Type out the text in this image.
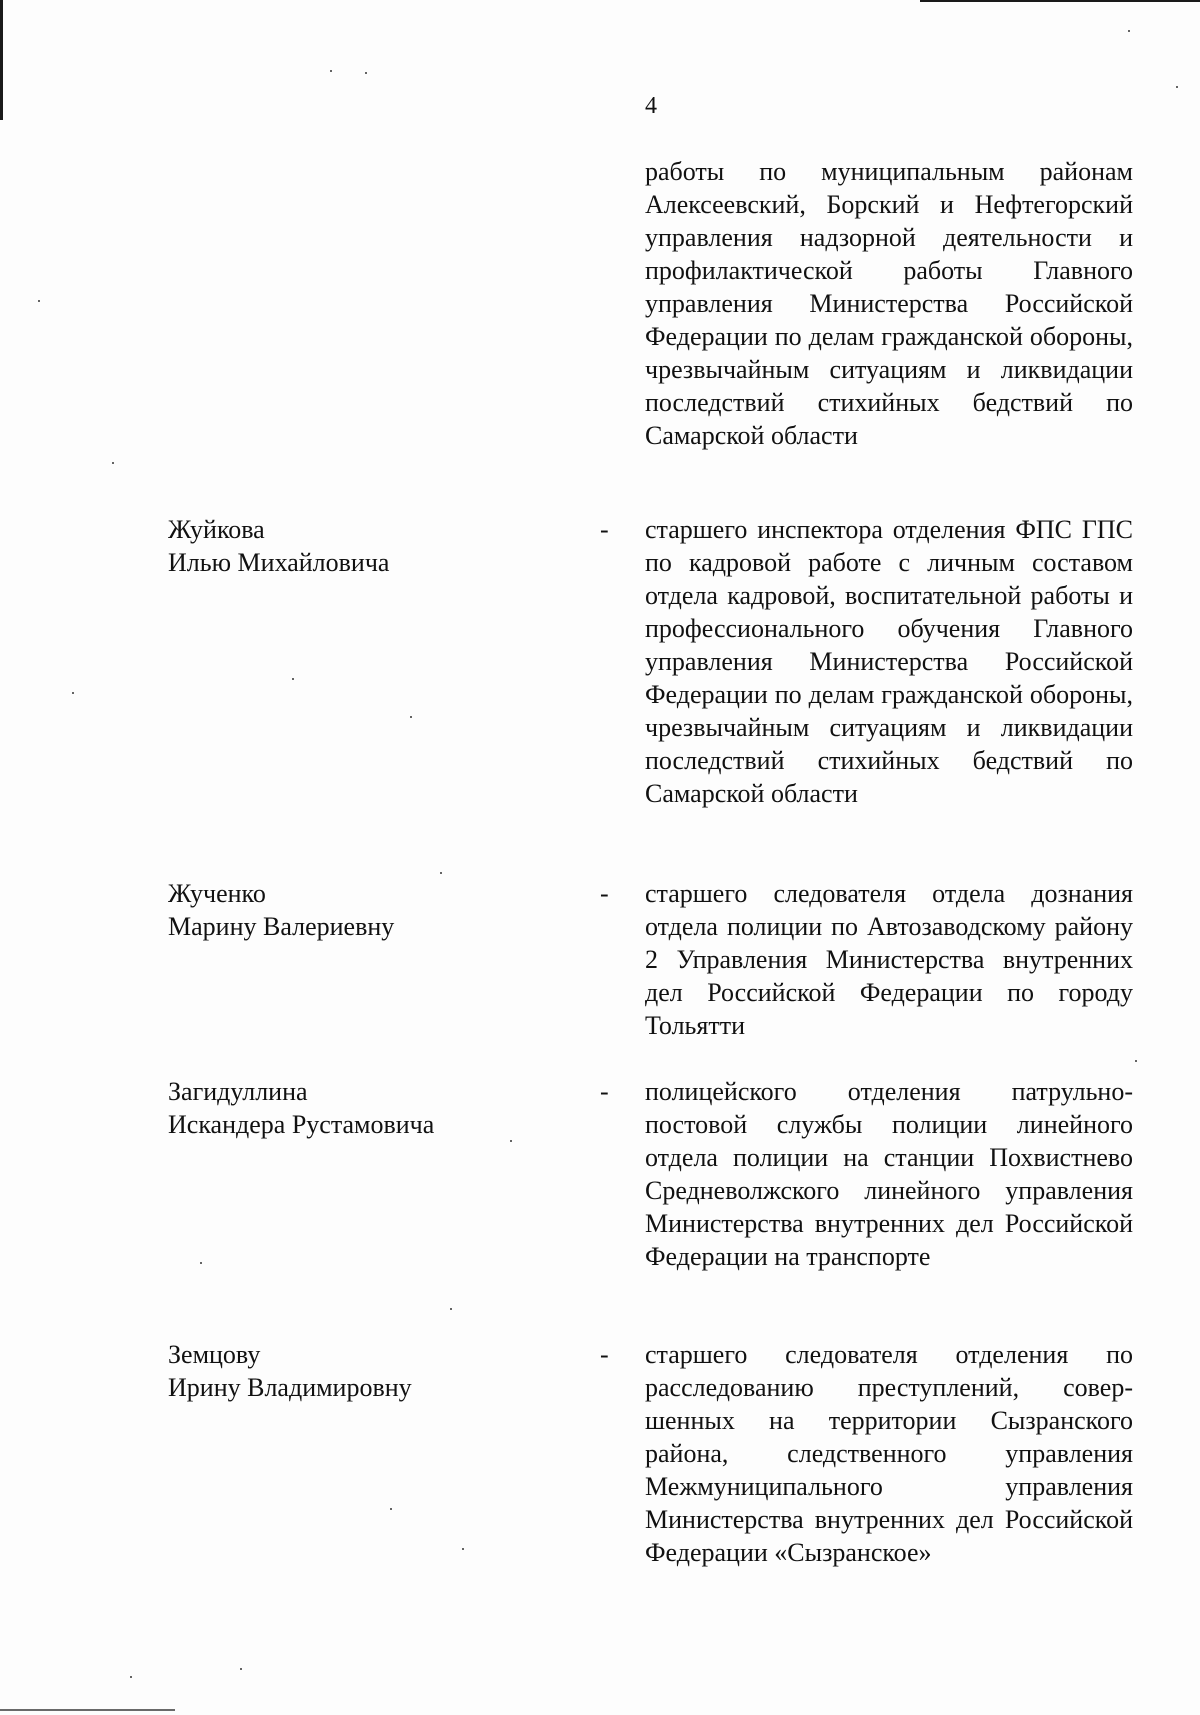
4
работы по муниципальным районам Алексеевский, Борский и Нефтегорский управления надзорной деятельности и профилактической работы Главного управления Министерства Российской Федерации по делам гражданской обороны, чрезвычайным ситуациям и ликвидации последствий стихийных бедствий по Самарской области
Жуйкова
Илью Михайловича
- старшего инспектора отделения ФПС ГПС по кадровой работе с личным составом отдела кадровой, воспитательной работы и профессионального обучения Главного управления Министерства Российской Федерации по делам гражданской обороны, чрезвычайным ситуациям и ликвидации последствий стихийных бедствий по Самарской области
Жученко
Марину Валериевну
- старшего следователя отдела дознания отдела полиции по Автозаводскому району 2 Управления Министерства внутренних дел Российской Федерации по городу Тольятти
Загидуллина
Искандера Рустамовича
- полицейского отделения патрульно-постовой службы полиции линейного отдела полиции на станции Похвистнево Средневолжского линейного управления Министерства внутренних дел Российской Федерации на транспорте
Земцову
Ирину Владимировну
- старшего следователя отделения по расследованию преступлений, совершенных на территории Сызранского района, следственного управления Межмуниципального управления Министерства внутренних дел Российской Федерации «Сызранское»
